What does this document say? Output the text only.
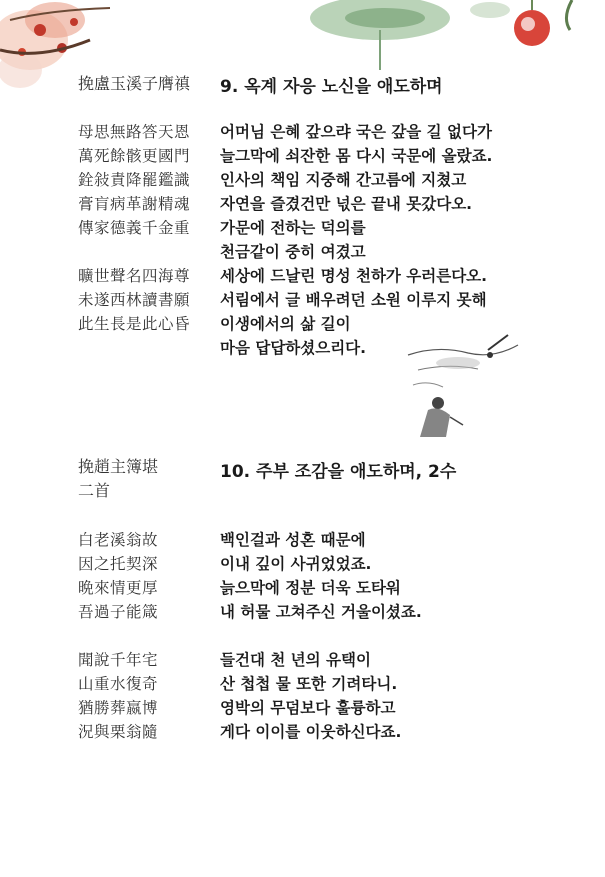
挽盧玉溪子膺禛 9. 옥계 자응 노신을 애도하며
母思無路答天恩
萬死餘骸更國門
銓敍責降罷鑑識
膏肓病革謝精魂
傳家德義千金重
曠世聲名四海尊
未遂西林讀書願
此生長是此心昏
어머님 은혜 갚으랴 국은 갚을 길 없다가
늘그막에 쇠잔한 몸 다시 국문에 올랐죠.
인사의 책임 지중해 간고름에 지쳤고
자연을 즐겼건만 넋은 끝내 못갔다오.
가문에 전하는 덕의를
천금같이 중히 여겼고
세상에 드날린 명성 천하가 우러른다오.
서림에서 글 배우려던 소원 이루지 못해
이생에서의 삶 길이
마음 답답하셨으리다.
挽趙主簿堪
二首
10. 주부 조감을 애도하며, 2수
白老溪翁故
因之托契深
晩來情更厚
吾過子能箴
백인걸과 성혼 때문에
이내 깊이 사귀었었죠.
늙으막에 정분 더욱 도타워
내 허물 고쳐주신 거울이셨죠.
聞說千年宅
山重水復奇
猶勝葬嬴博
況與栗翁隨
들건대 천 년의 유택이
산 첩첩 물 또한 기려타니.
영박의 무덤보다 훌륭하고
게다 이이를 이웃하신다죠.
